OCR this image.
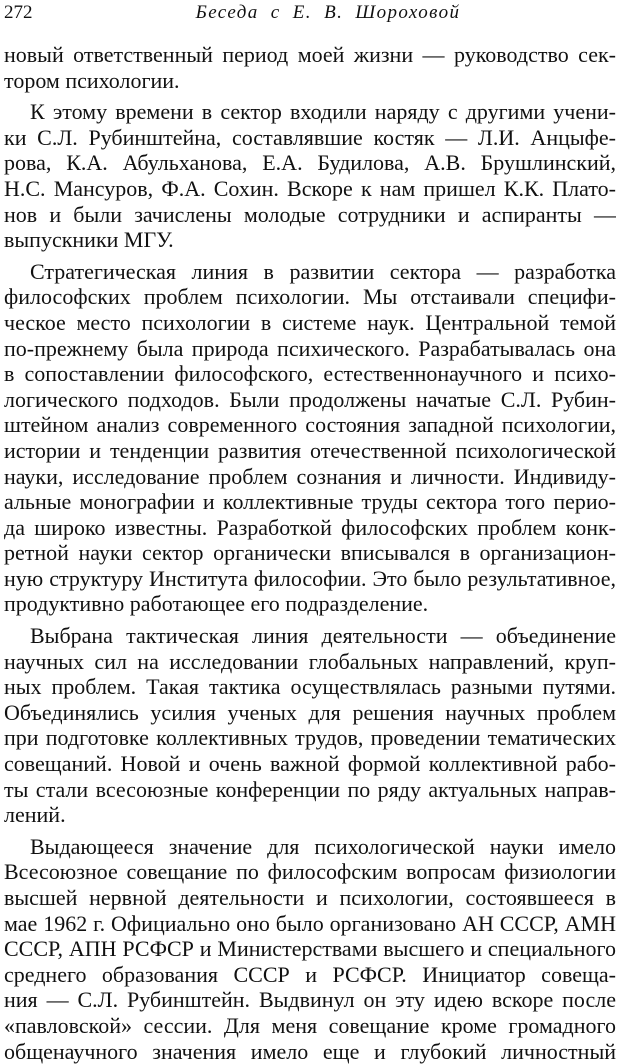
272	Беседа с Е. В. Шороховой
новый ответственный период моей жизни — руководство сек-
тором психологии.
К этому времени в сектор входили наряду с другими учени-
ки С.Л. Рубинштейна, составлявшие костяк — Л.И. Анцыфе-
рова, К.А. Абульханова, Е.А. Будилова, А.В. Брушлинский,
Н.С. Мансуров, Ф.А. Сохин. Вскоре к нам пришел К.К. Плато-
нов и были зачислены молодые сотрудники и аспиранты —
выпускники МГУ.
Стратегическая линия в развитии сектора — разработка
философских проблем психологии. Мы отстаивали специфи-
ческое место психологии в системе наук. Центральной темой
по-прежнему была природа психического. Разрабатывалась она
в сопоставлении философского, естественнонаучного и психо-
логического подходов. Были продолжены начатые С.Л. Рубин-
штейном анализ современного состояния западной психологии,
истории и тенденции развития отечественной психологической
науки, исследование проблем сознания и личности. Индивиду-
альные монографии и коллективные труды сектора того перио-
да широко известны. Разработкой философских проблем конк-
ретной науки сектор органически вписывался в организацион-
ную структуру Института философии. Это было результативное,
продуктивно работающее его подразделение.
Выбрана тактическая линия деятельности — объединение
научных сил на исследовании глобальных направлений, круп-
ных проблем. Такая тактика осуществлялась разными путями.
Объединялись усилия ученых для решения научных проблем
при подготовке коллективных трудов, проведении тематических
совещаний. Новой и очень важной формой коллективной рабо-
ты стали всесоюзные конференции по ряду актуальных направ-
лений.
Выдающееся значение для психологической науки имело
Всесоюзное совещание по философским вопросам физиологии
высшей нервной деятельности и психологии, состоявшееся в
мае 1962 г. Официально оно было организовано АН СССР, АМН
СССР, АПН РСФСР и Министерствами высшего и специального
среднего образования СССР и РСФСР. Инициатор совеща-
ния — С.Л. Рубинштейн. Выдвинул он эту идею вскоре после
«павловской» сессии. Для меня совещание кроме громадного
общенаучного значения имело еще и глубокий личностный
